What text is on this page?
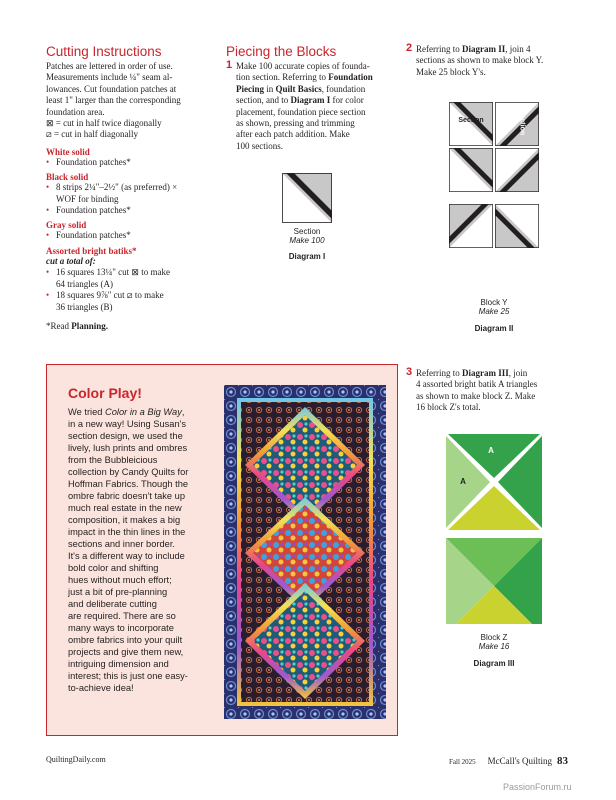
Cutting Instructions
Patches are lettered in order of use.
Measurements include ¼" seam al-
lowances. Cut foundation patches at
least 1" larger than the corresponding
foundation area.
⊠ = cut in half twice diagonally
⧄ = cut in half diagonally
White solid
• Foundation patches*
Black solid
• 8 strips 2¼"–2½" (as preferred) ×
WOF for binding
• Foundation patches*
Gray solid
• Foundation patches*
Assorted bright batiks*
cut a total of:
• 16 squares 13¼" cut ⊠ to make
64 triangles (A)
• 18 squares 9⅞" cut ⧄ to make
36 triangles (B)
*Read Planning.
Piecing the Blocks
1 Make 100 accurate copies of founda-
tion section. Referring to Foundation
Piecing in Quilt Basics, foundation
section, and to Diagram I for color
placement, foundation piece section
as shown, pressing and trimming
after each patch addition. Make
100 sections.
Section
Make 100
Diagram I
2 Referring to Diagram II, join 4
sections as shown to make block Y.
Make 25 block Y's.
Section	Section
Block Y
Make 25
Diagram II
3 Referring to Diagram III, join
4 assorted bright batik A triangles
as shown to make block Z. Make
16 block Z's total.
A
A
Block Z
Make 16
Diagram III
Color Play!
We tried Color in a Big Way,
in a new way! Using Susan's
section design, we used the
lively, lush prints and ombres
from the Bubbleicious
collection by Candy Quilts for
Hoffman Fabrics. Though the
ombre fabric doesn't take up
much real estate in the new
composition, it makes a big
impact in the thin lines in the
sections and inner border.
It's a different way to include
bold color and shifting
hues without much effort;
just a bit of pre-planning
and deliberate cutting
are required. There are so
many ways to incorporate
ombre fabrics into your quilt
projects and give them new,
intriguing dimension and
interest; this is just one easy-
to-achieve idea!
QuiltingDaily.com	Fall 2025 McCall's Quilting 83
PassionForum.ru
